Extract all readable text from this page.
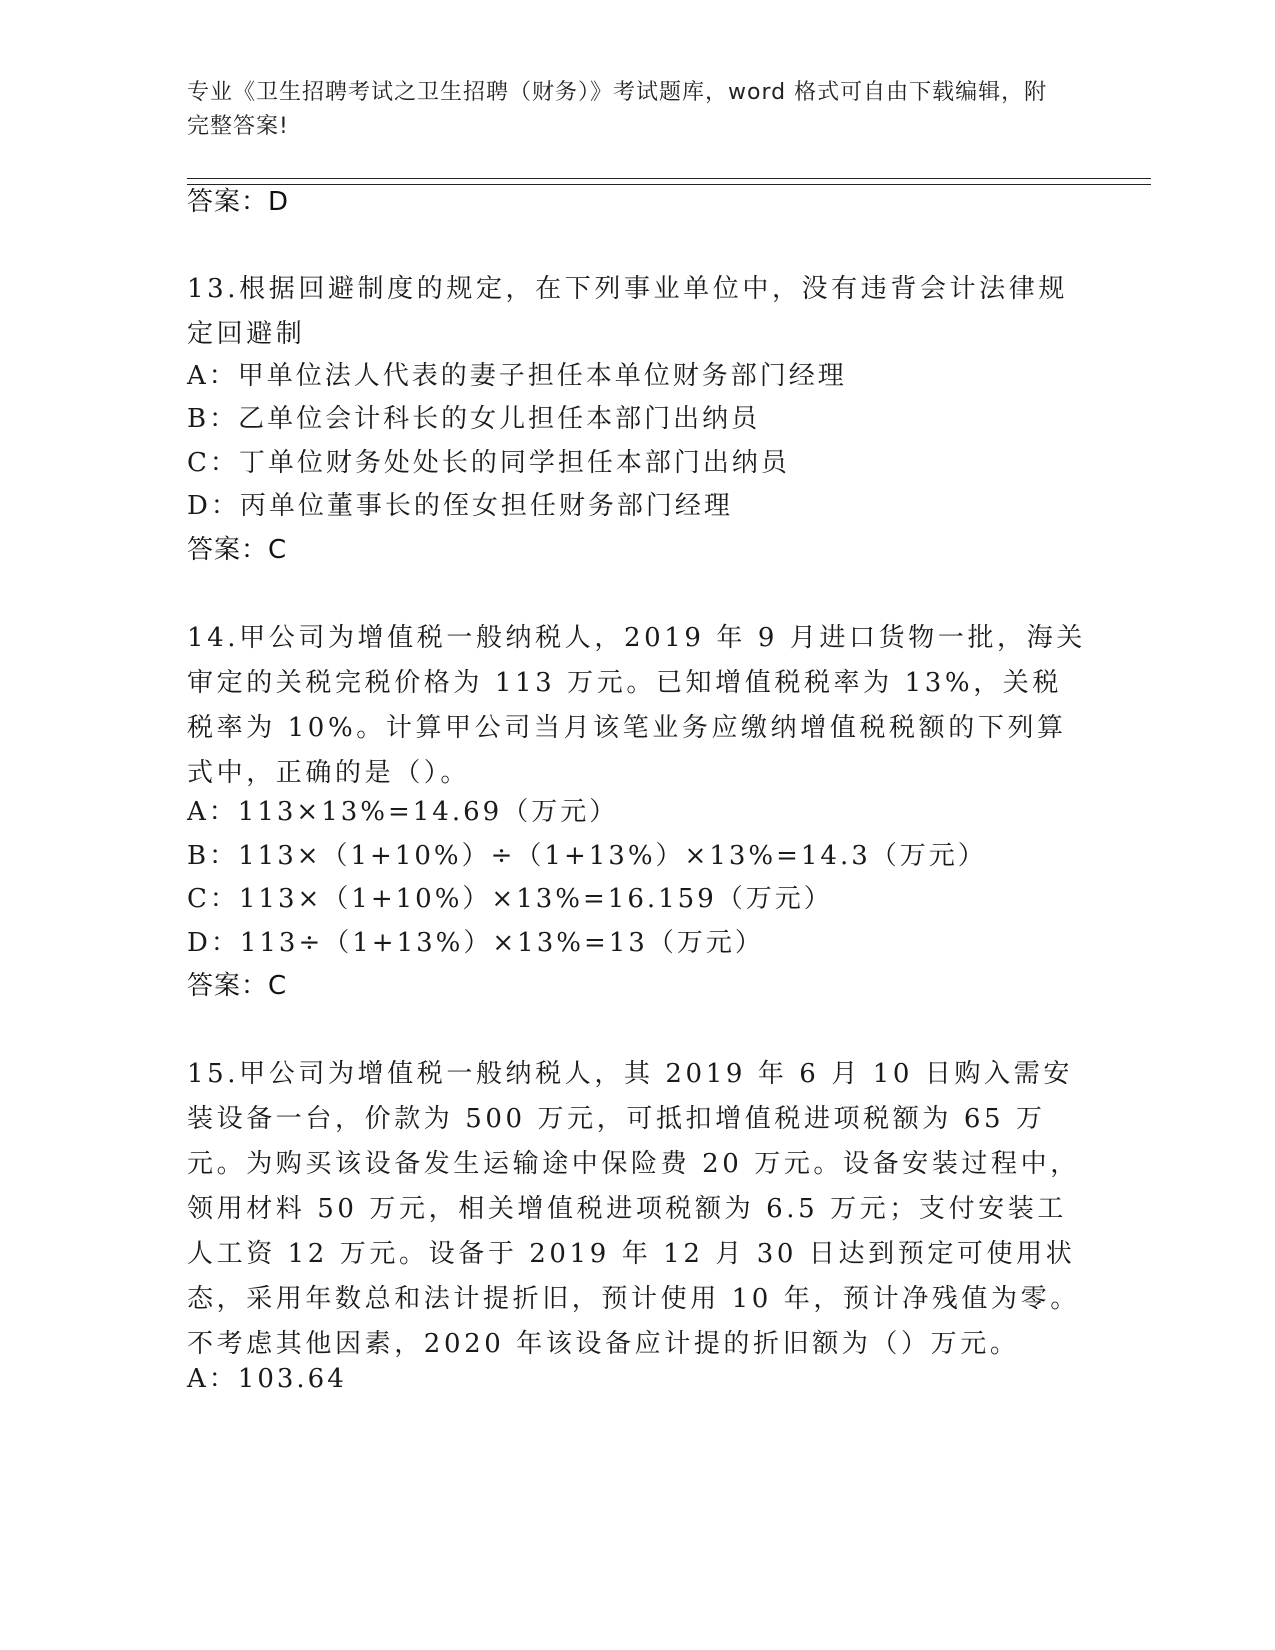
专业《卫生招聘考试之卫生招聘（财务）》考试题库，word 格式可自由下载编辑，附完整答案!
答案：D
13.根据回避制度的规定，在下列事业单位中，没有违背会计法律规定回避制
A：甲单位法人代表的妻子担任本单位财务部门经理
B：乙单位会计科长的女儿担任本部门出纳员
C：丁单位财务处处长的同学担任本部门出纳员
D：丙单位董事长的侄女担任财务部门经理
答案：C
14.甲公司为增值税一般纳税人，2019 年 9 月进口货物一批，海关审定的关税完税价格为 113 万元。已知增值税税率为 13%，关税税率为 10%。计算甲公司当月该笔业务应缴纳增值税税额的下列算式中，正确的是（）。
A：113×13%=14.69（万元）
B：113×（1+10%）÷（1+13%）×13%=14.3（万元）
C：113×（1+10%）×13%=16.159（万元）
D：113÷（1+13%）×13%=13（万元）
答案：C
15.甲公司为增值税一般纳税人，其 2019 年 6 月 10 日购入需安装设备一台，价款为 500 万元，可抵扣增值税进项税额为 65 万元。为购买该设备发生运输途中保险费 20 万元。设备安装过程中，领用材料 50 万元，相关增值税进项税额为 6.5 万元；支付安装工人工资 12 万元。设备于 2019 年 12 月 30 日达到预定可使用状态，采用年数总和法计提折旧，预计使用 10 年，预计净残值为零。不考虑其他因素，2020 年该设备应计提的折旧额为（）万元。
A：103.64
